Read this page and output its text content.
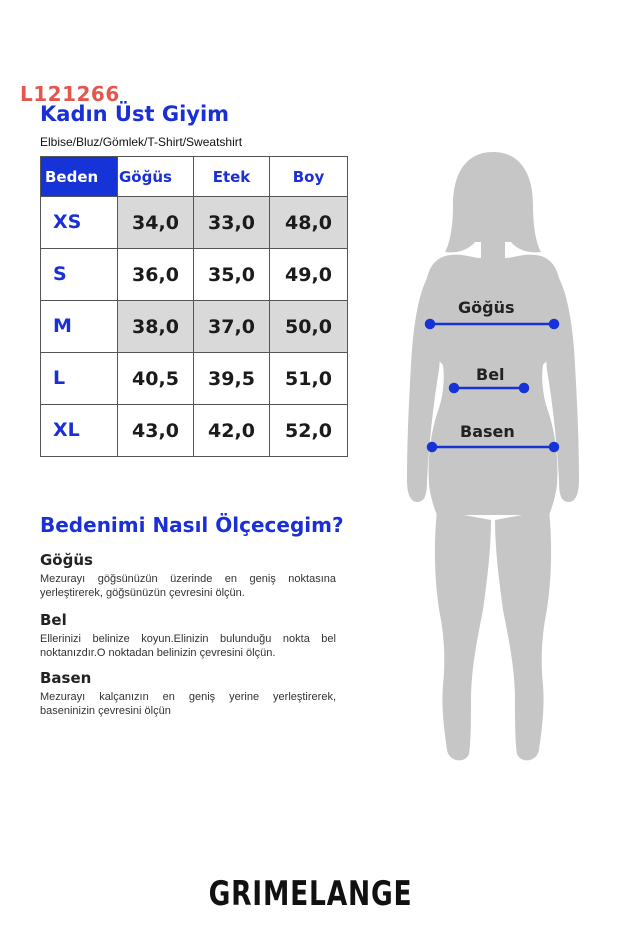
L121266
Kadın Üst Giyim
Elbise/Bluz/Gömlek/T-Shirt/Sweatshirt
Beden	Göğüs	Etek	Boy
XS	34,0	33,0	48,0
S	36,0	35,0	49,0
M	38,0	37,0	50,0
L	40,5	39,5	51,0
XL	43,0	42,0	52,0
Bedenimi Nasıl Ölçecegim?
Göğüs
Mezurayı göğsünüzün üzerinde en geniş noktasına yerleştirerek, göğsünüzün çevresini ölçün.
Bel
Ellerinizi belinize koyun.Elinizin bulunduğu nokta bel noktanızdır.O noktadan belinizin çevresini ölçün.
Basen
Mezurayı kalçanızın en geniş yerine yerleştirerek, baseninizin çevresini ölçün
Göğüs
Bel
Basen
GRIMELANGE
